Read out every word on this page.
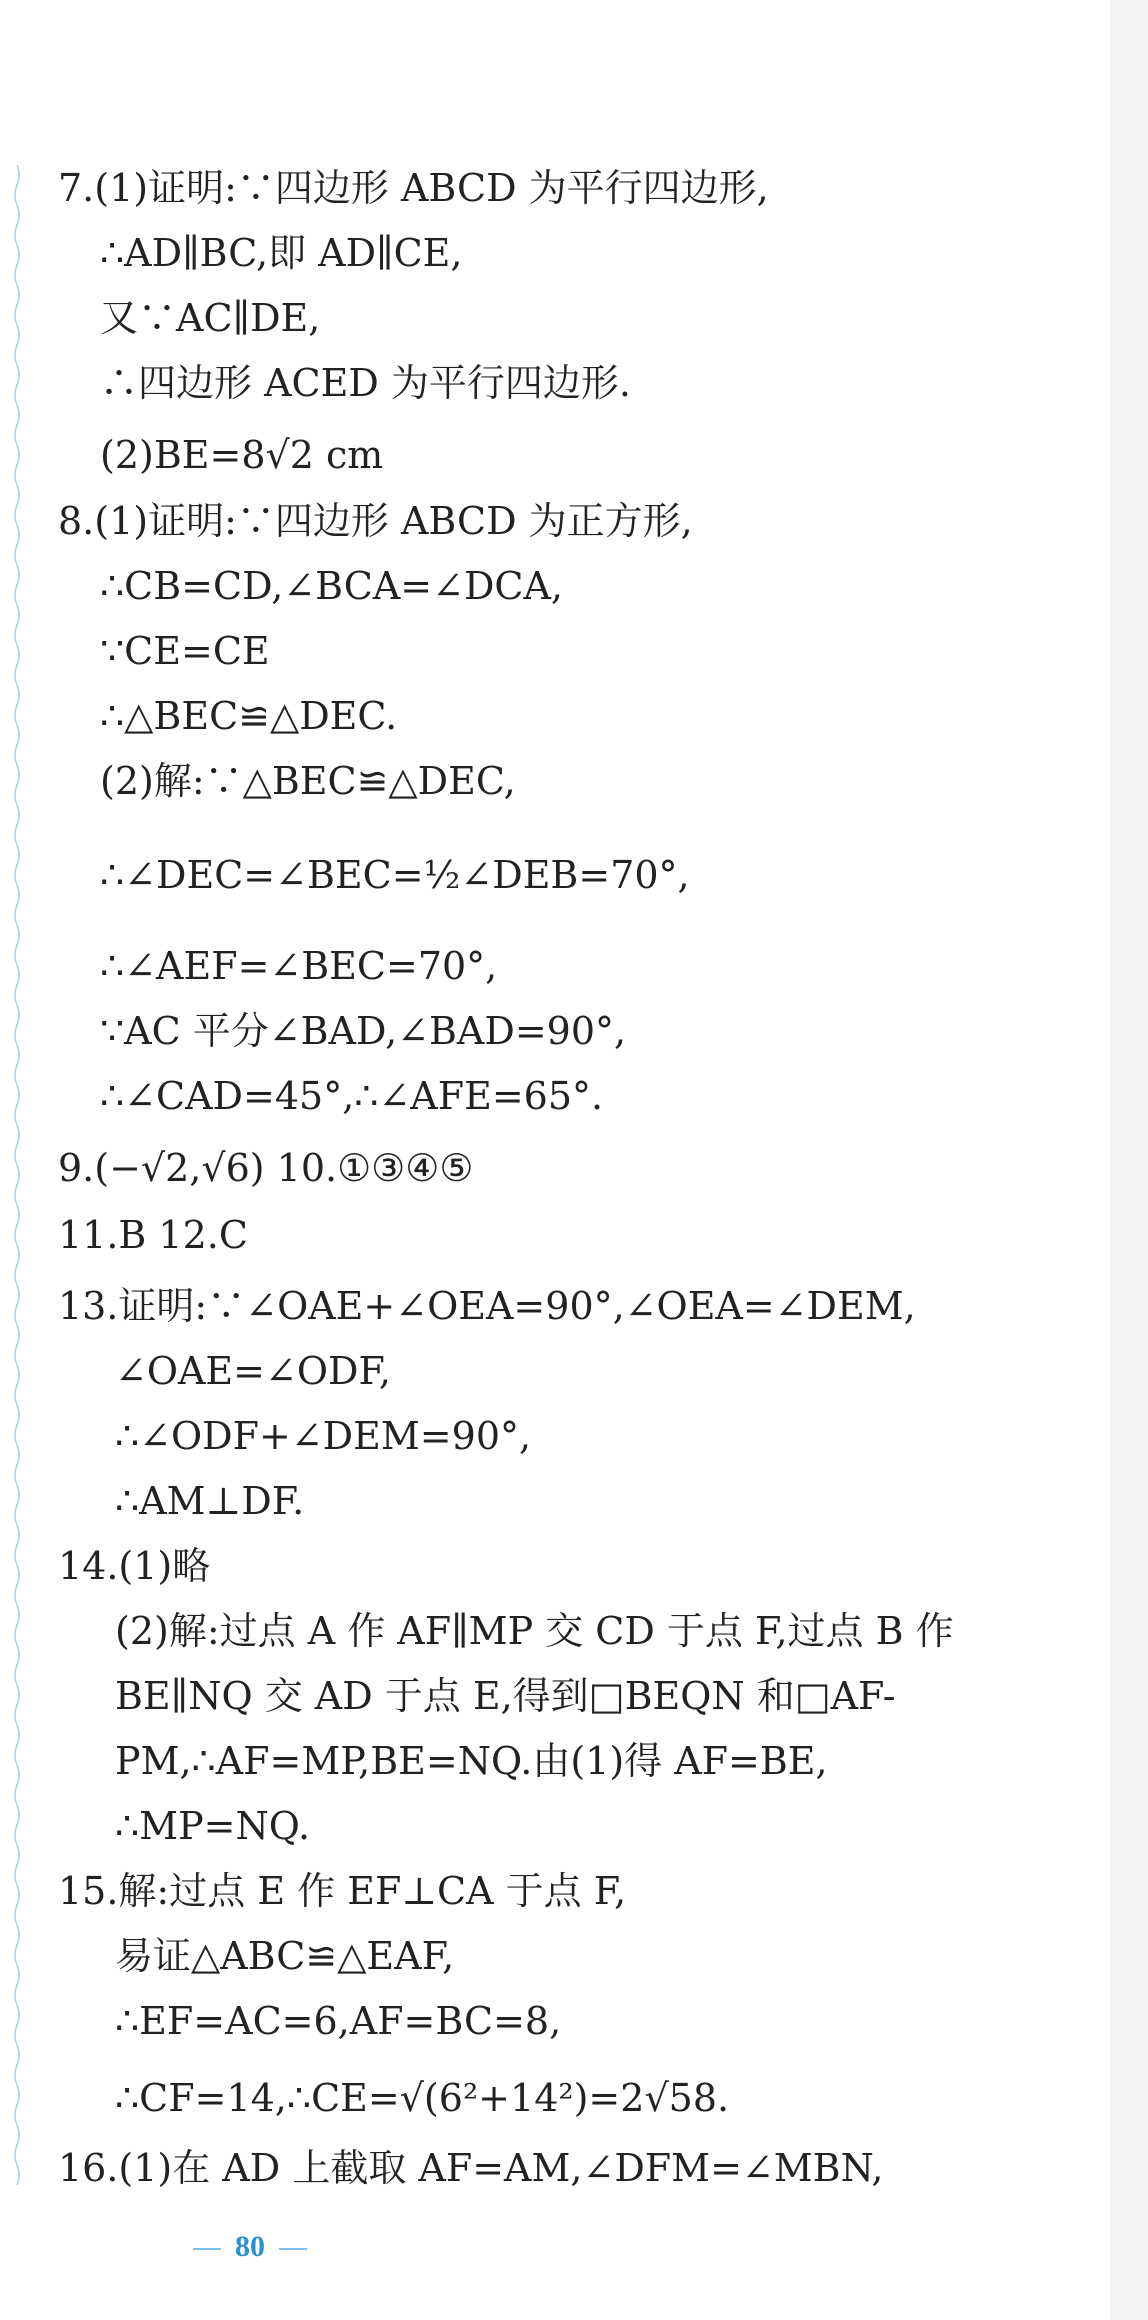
7.(1)证明:∵四边形 ABCD 为平行四边形,
∴AD∥BC,即 AD∥CE,
又∵AC∥DE,
∴四边形 ACED 为平行四边形.
(2)BE=8√2 cm
8.(1)证明:∵四边形 ABCD 为正方形,
∴CB=CD,∠BCA=∠DCA,
∵CE=CE
∴△BEC≌△DEC.
(2)解:∵△BEC≌△DEC,
∴∠DEC=∠BEC=½∠DEB=70°,
∴∠AEF=∠BEC=70°,
∵AC 平分∠BAD,∠BAD=90°,
∴∠CAD=45°,∴∠AFE=65°.
9.(−√2,√6) 10.①③④⑤
11.B 12.C
13.证明:∵∠OAE+∠OEA=90°,∠OEA=∠DEM,
∠OAE=∠ODF,
∴∠ODF+∠DEM=90°,
∴AM⊥DF.
14.(1)略
(2)解:过点 A 作 AF∥MP 交 CD 于点 F,过点 B 作
BE∥NQ 交 AD 于点 E,得到□BEQN 和□AF-
PM,∴AF=MP,BE=NQ.由(1)得 AF=BE,
∴MP=NQ.
15.解:过点 E 作 EF⊥CA 于点 F,
易证△ABC≌△EAF,
∴EF=AC=6,AF=BC=8,
∴CF=14,∴CE=√(6²+14²)=2√58.
16.(1)在 AD 上截取 AF=AM,∠DFM=∠MBN,
80
